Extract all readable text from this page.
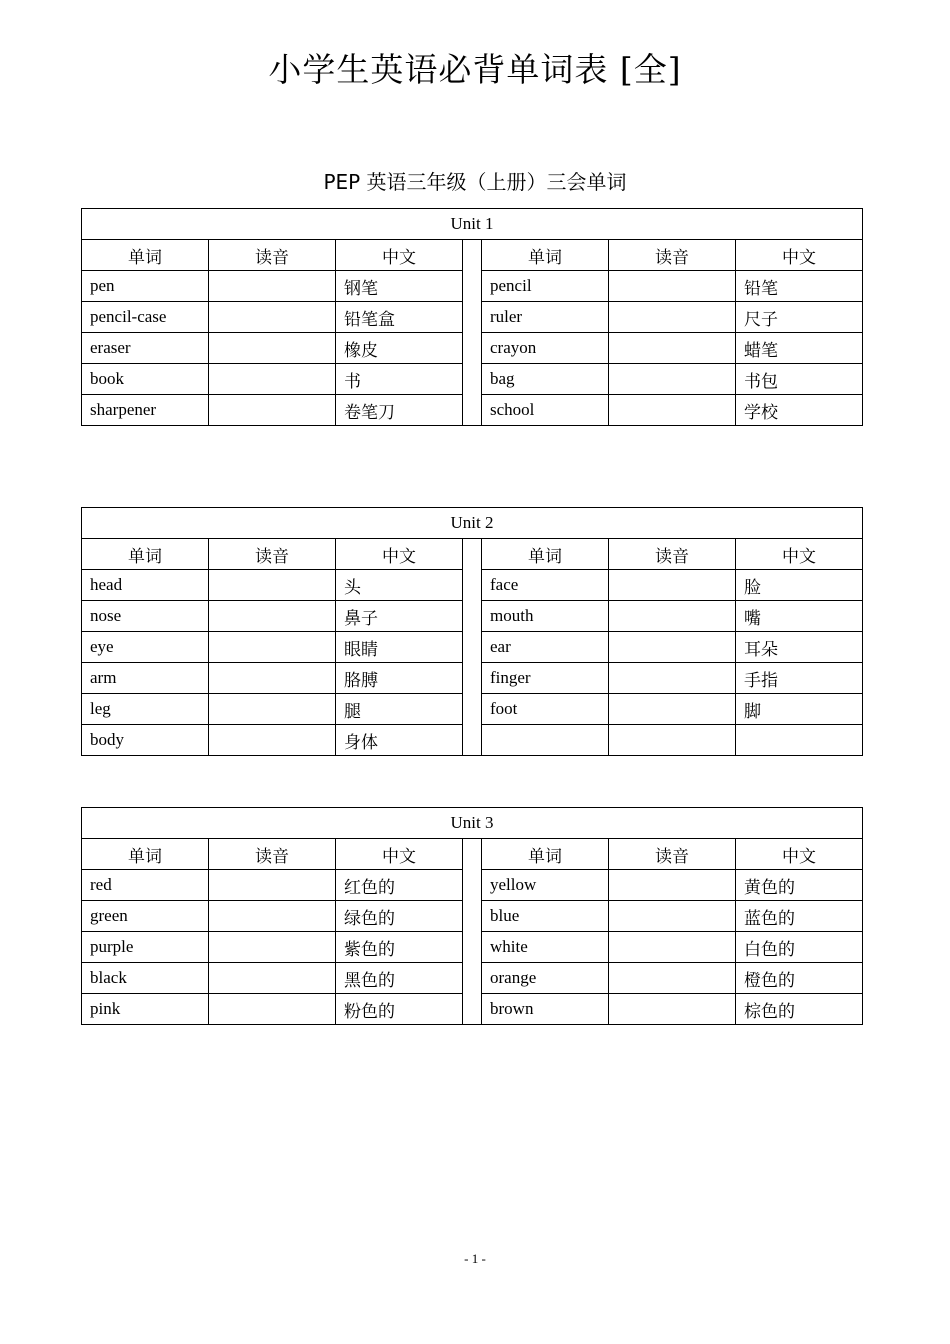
小学生英语必背单词表 [全]
PEP 英语三年级（上册）三会单词
Unit 1						
单词	读音	中文		单词	读音	中文
pen		钢笔		pencil		铅笔
pencil-case		铅笔盒		ruler		尺子
eraser		橡皮		crayon		蜡笔
book		书		bag		书包
sharpener		卷笔刀		school		学校
Unit 2						
单词	读音	中文		单词	读音	中文
head		头		face		脸
nose		鼻子		mouth		嘴
eye		眼睛		ear		耳朵
arm		胳膊		finger		手指
leg		腿		foot		脚
body		身体				
Unit 3						
单词	读音	中文		单词	读音	中文
red		红色的		yellow		黄色的
green		绿色的		blue		蓝色的
purple		紫色的		white		白色的
black		黑色的		orange		橙色的
pink		粉色的		brown		棕色的
- 1 -
